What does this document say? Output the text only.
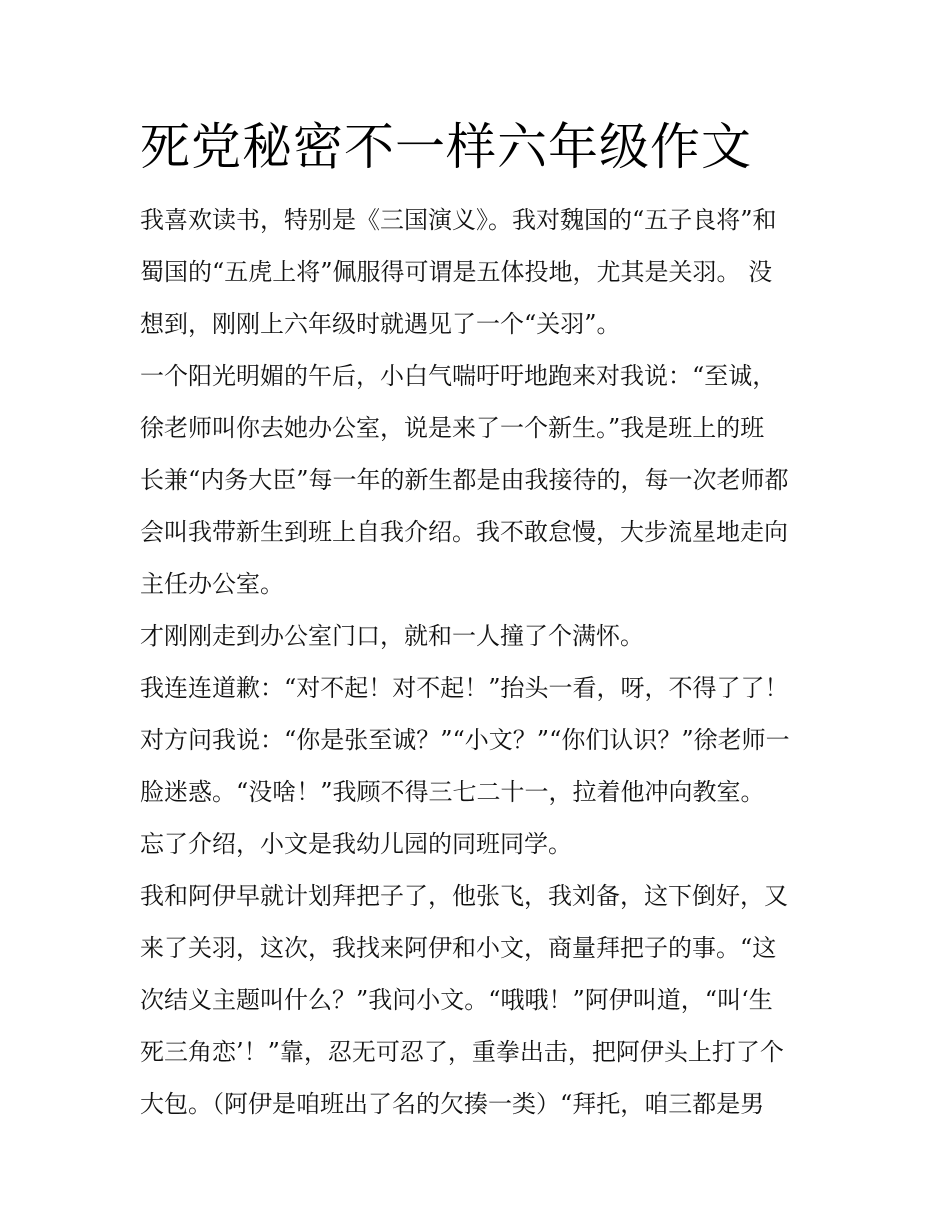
死党秘密不一样六年级作文
我喜欢读书，特别是《三国演义》。我对魏国的“五子良将”和
蜀国的“五虎上将”佩服得可谓是五体投地，尤其是关羽。 没
想到，刚刚上六年级时就遇见了一个“关羽”。
一个阳光明媚的午后，小白气喘吁吁地跑来对我说：“至诚，
徐老师叫你去她办公室，说是来了一个新生。”我是班上的班
长兼“内务大臣”每一年的新生都是由我接待的，每一次老师都
会叫我带新生到班上自我介绍。我不敢怠慢，大步流星地走向
主任办公室。
才刚刚走到办公室门口，就和一人撞了个满怀。
我连连道歉：“对不起！对不起！”抬头一看，呀，不得了了！
对方问我说：“你是张至诚？”“小文？”“你们认识？”徐老师一
脸迷惑。“没啥！”我顾不得三七二十一，拉着他冲向教室。
忘了介绍，小文是我幼儿园的同班同学。
我和阿伊早就计划拜把子了，他张飞，我刘备，这下倒好，又
来了关羽，这次，我找来阿伊和小文，商量拜把子的事。“这
次结义主题叫什么？”我问小文。“哦哦！”阿伊叫道，“叫‘生
死三角恋’！”靠，忍无可忍了，重拳出击，把阿伊头上打了个
大包。（阿伊是咱班出了名的欠揍一类）“拜托，咱三都是男
